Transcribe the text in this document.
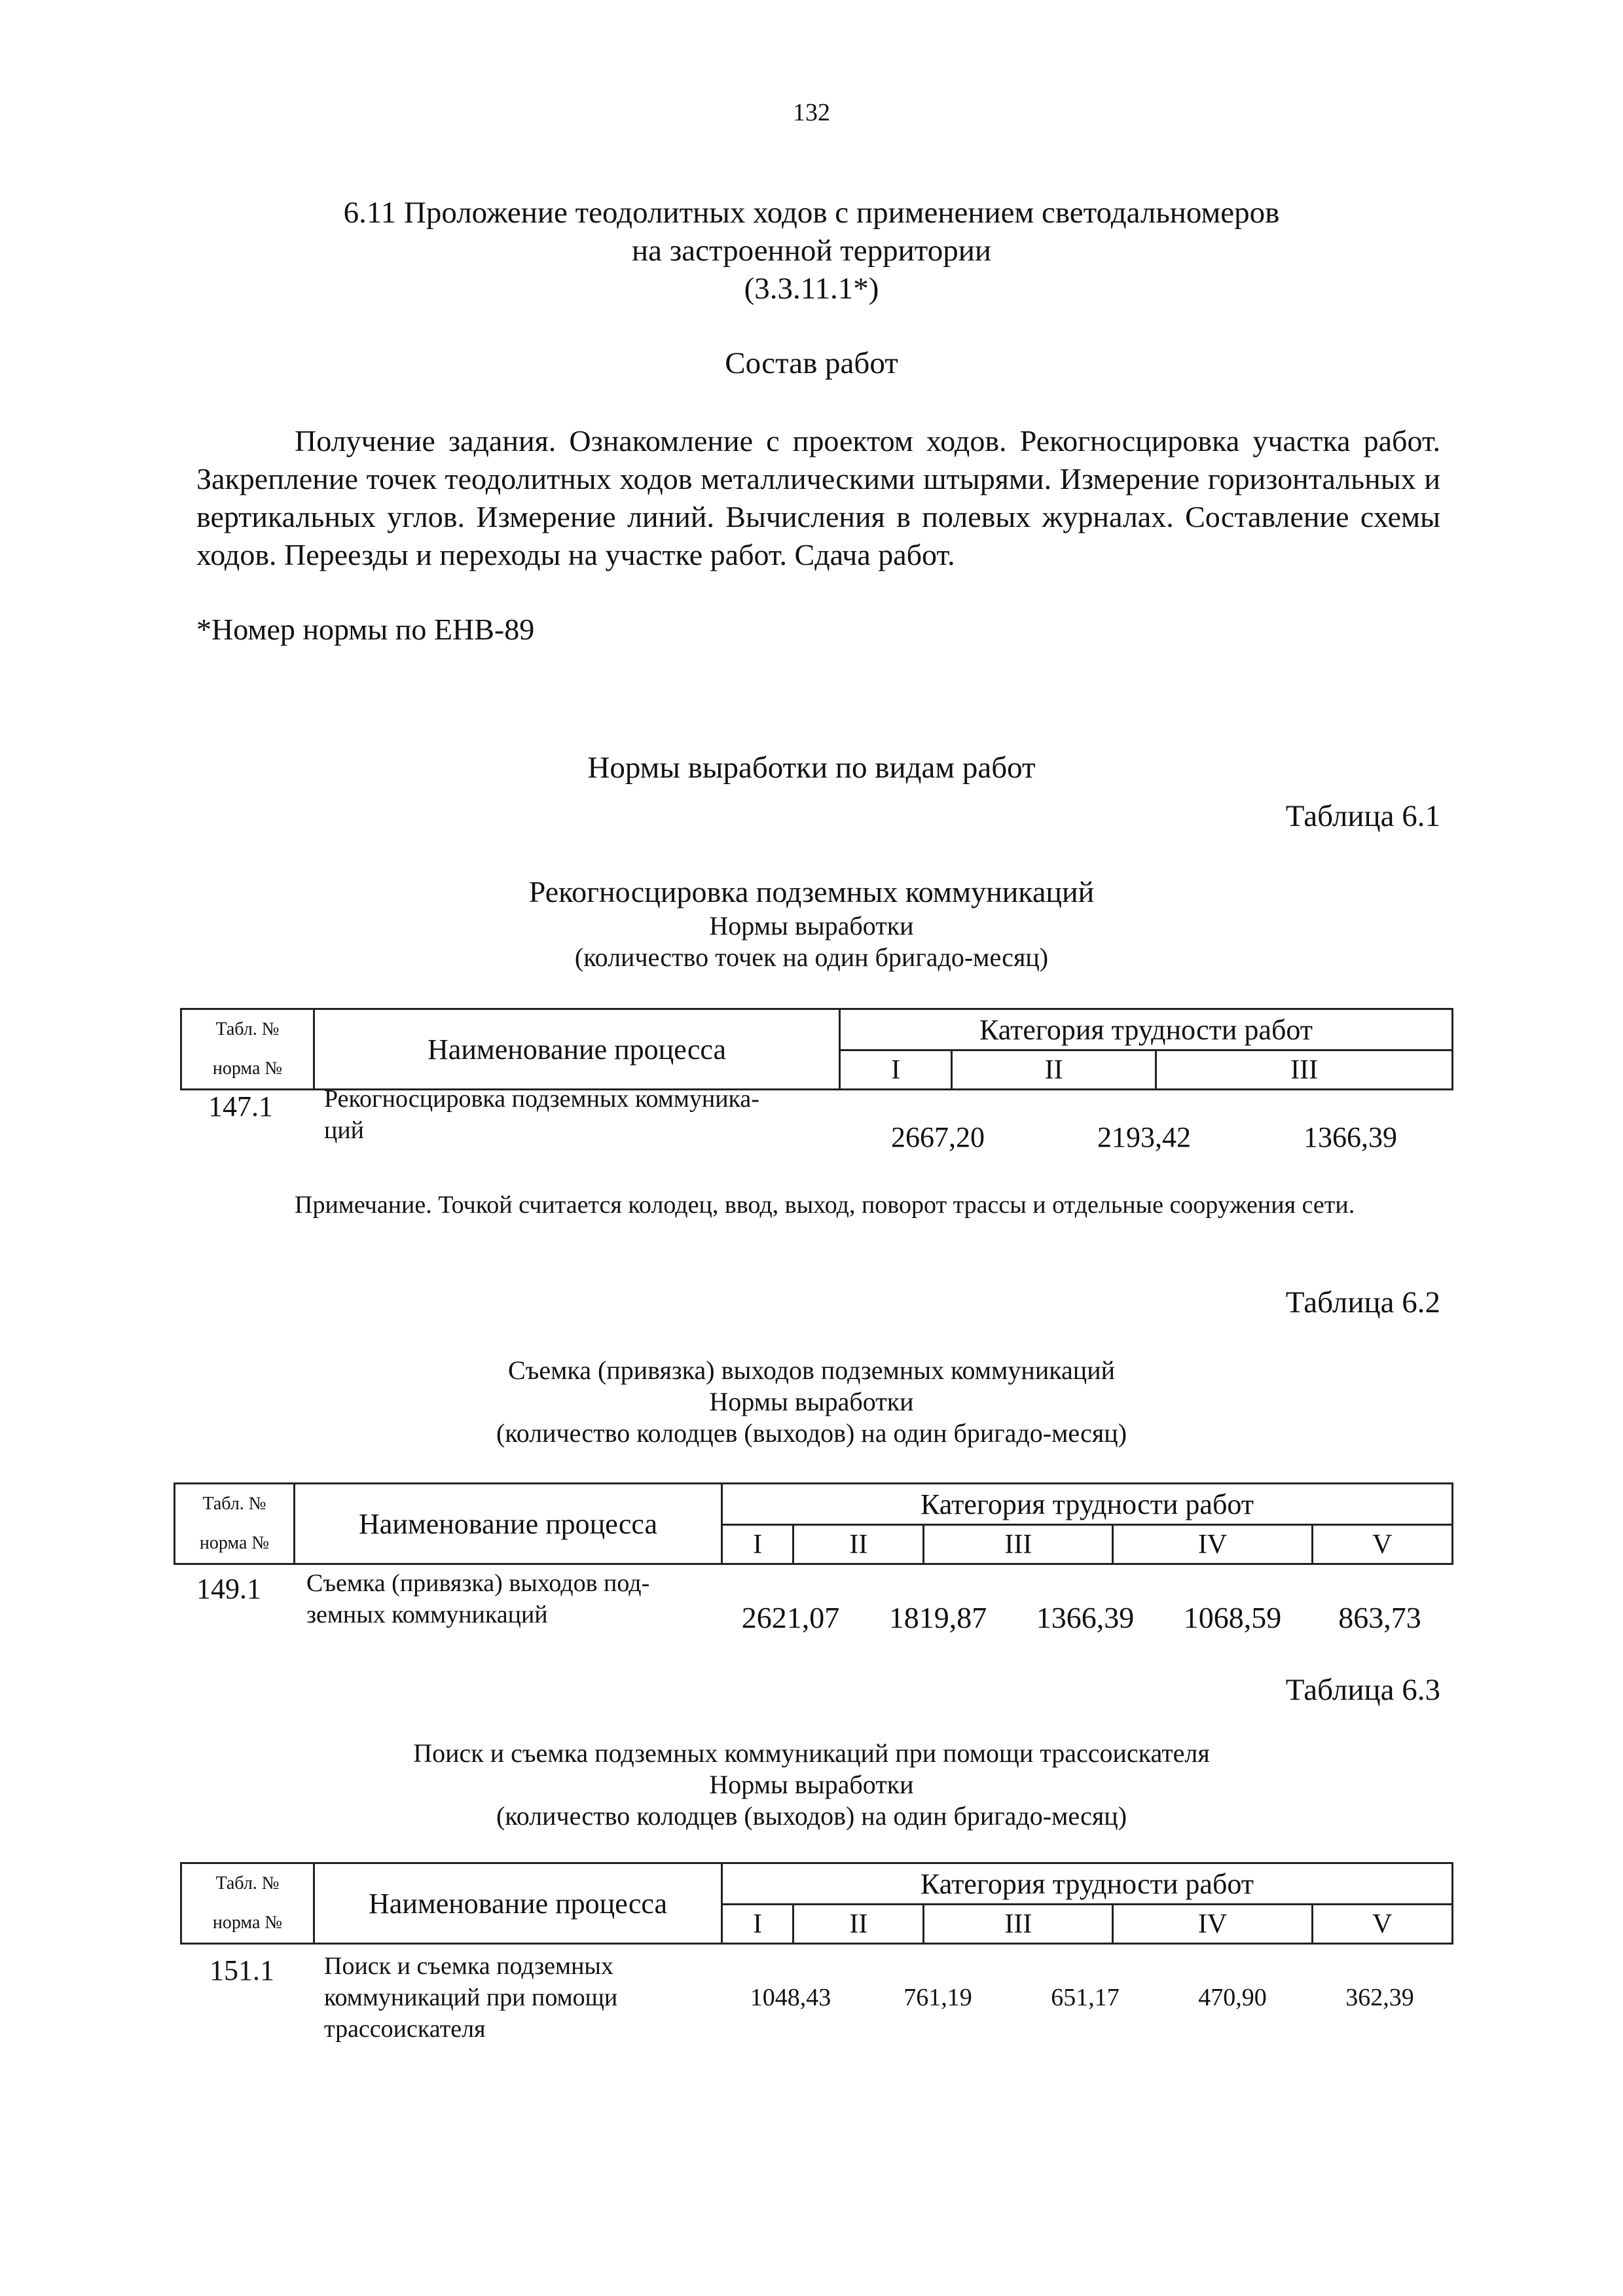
132
6.11 Проложение теодолитных ходов с применением светодальномеров
на застроенной территории
(3.3.11.1*)
Состав работ
Получение задания. Ознакомление с проектом ходов. Рекогносцировка участка работ. Закрепление точек теодолитных ходов металлическими штырями. Измерение горизонтальных и вертикальных углов. Измерение линий. Вычисления в полевых журналах. Составление схемы ходов. Переезды и переходы на участке работ. Сдача работ.
*Номер нормы по ЕНВ-89
Нормы выработки по видам работ
Таблица 6.1
Рекогносцировка подземных коммуникаций
Нормы выработки
(количество точек на один бригадо-месяц)
Табл. №
норма №	Наименование процесса	Категория трудности работ		
		I	II	III
147.1 Рекогносцировка подземных коммуника-
ций	2667,20	2193,42	1366,39
Примечание. Точкой считается колодец, ввод, выход, поворот трассы и отдельные сооружения сети.
Таблица 6.2
Съемка (привязка) выходов подземных коммуникаций
Нормы выработки
(количество колодцев (выходов) на один бригадо-месяц)
Табл. №
норма №	Наименование процесса	Категория трудности работ				
		I	II	III	IV	V
149.1 Съемка (привязка) выходов под-
земных коммуникаций	2621,07	1819,87	1366,39	1068,59	863,73
Таблица 6.3
Поиск и съемка подземных коммуникаций при помощи трассоискателя
Нормы выработки
(количество колодцев (выходов) на один бригадо-месяц)
Табл. №
норма №	Наименование процесса	Категория трудности работ				
		I	II	III	IV	V
151.1 Поиск и съемка подземных
коммуникаций при помощи
трассоискателя
1048,43	761,19	651,17	470,90	362,39
